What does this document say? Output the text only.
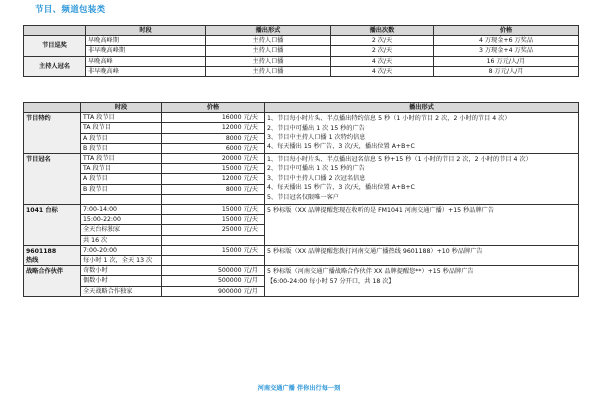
节目、频道包装类
	时段	播出形式	播出次数	价格
节目巡奖	早晚高峰期	主持人口播	2 次/天	4 万现金+6 万奖品
	非早晚高峰期	主持人口播	2 次/天	3 万现金+4 万奖品
主持人冠名	早晚高峰	主持人口播	4 次/天	16 万元/人/月
	非早晚高峰	主持人口播	4 次/天	8 万元/人/月
	时段	价格	播出形式
节目特约	TTA 段节目	16000 元/天	1、节目每小时片头、半点播出特约信息 5 秒（1 小时的节目 2 次，2 小时的节目 4 次）
2、节目中可播出 1 次 15 秒的广告
3、节目中主持人口播 1 次特约信息
4、每天播出 15 秒广告，3 次/天，播出位置 A+B+C

	TA 段节目	12000 元/天	
	A 段节目	8000 元/天	
	B 段节目	6000 元/天	
节目冠名	TTA 段节目	20000 元/天	1、节目每小时片头、半点播出冠名信息 5 秒+15 秒（1 小时的节目 2 次，2 小时的节目 4 次）
2、节目中可播出 1 次 15 秒的广告
3、节目中主持人口播 2 次冠名信息
4、每天播出 15 秒广告，3 次/天，播出位置 A+B+C
5、节目冠名仅限唯一客户

	TA 段节目	15000 元/天	
	A 段节目	12000 元/天	
	B 段节目	8000 元/天	

1041 台标	7:00-14:00	15000 元/天	5 秒标版（XX 品牌提醒您现在收听的是 FM1041 河南交通广播）+15 秒品牌广告

	15:00-22:00	15000 元/天	
	全天台标独家	25000 元/天	
	共 16 次		

9601188
热线	7:00-20:00	15000 元/天	5 秒标版（XX 品牌提醒您拨打河南交通广播热线 9601188）+10 秒品牌广告

	每小时 1 次，全天 13 次		
战略合作伙伴	奇数小时	500000 元/月	5 秒标版（河南交通广播战略合作伙伴 XX 品牌提醒您**）+15 秒品牌广告
【6:00-24:00 每小时 57 分开口，共 18 次】

	偶数小时	500000 元/月	
	全天战略合作独家	900000 元/月	
河南交通广播 伴你出行每一刻
